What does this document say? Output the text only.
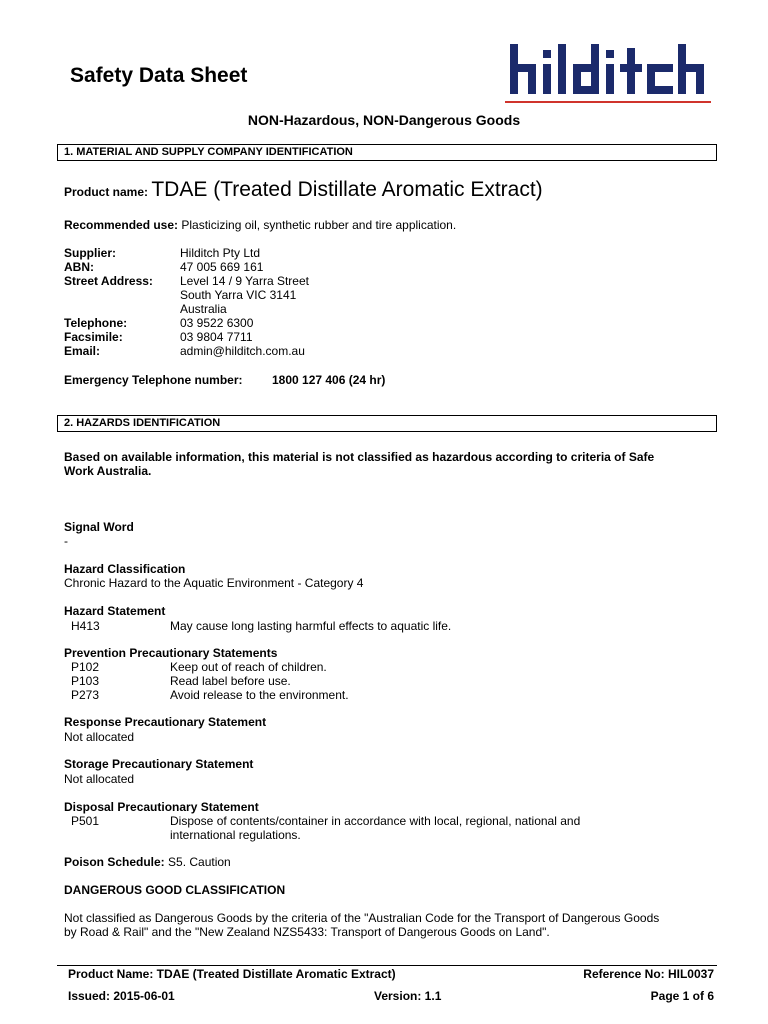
Safety Data Sheet
NON-Hazardous, NON-Dangerous Goods
1. MATERIAL AND SUPPLY COMPANY IDENTIFICATION
Product name: TDAE (Treated Distillate Aromatic Extract)
Recommended use: Plasticizing oil, synthetic rubber and tire application.
Supplier:	Hilditch Pty Ltd
ABN:	47 005 669 161
Street Address: Level 14 / 9 Yarra Street
South Yarra VIC 3141
Australia
Telephone:	03 9522 6300
Facsimile:	03 9804 7711
Email:	admin@hilditch.com.au
Emergency Telephone number: 1800 127 406 (24 hr)
2. HAZARDS IDENTIFICATION
Based on available information, this material is not classified as hazardous according to criteria of Safe
Work Australia.
Signal Word
-
Hazard Classification
Chronic Hazard to the Aquatic Environment - Category 4
Hazard Statement
H413	May cause long lasting harmful effects to aquatic life.
Prevention Precautionary Statements
P102	Keep out of reach of children.
P103	Read label before use.
P273	Avoid release to the environment.
Response Precautionary Statement
Not allocated
Storage Precautionary Statement
Not allocated
Disposal Precautionary Statement
P501	Dispose of contents/container in accordance with local, regional, national and
international regulations.
Poison Schedule: S5. Caution
DANGEROUS GOOD CLASSIFICATION
Not classified as Dangerous Goods by the criteria of the "Australian Code for the Transport of Dangerous Goods
by Road & Rail" and the "New Zealand NZS5433: Transport of Dangerous Goods on Land".
Product Name: TDAE (Treated Distillate Aromatic Extract)	Reference No: HIL0037
Issued: 2015-06-01	Version: 1.1	Page 1 of 6
